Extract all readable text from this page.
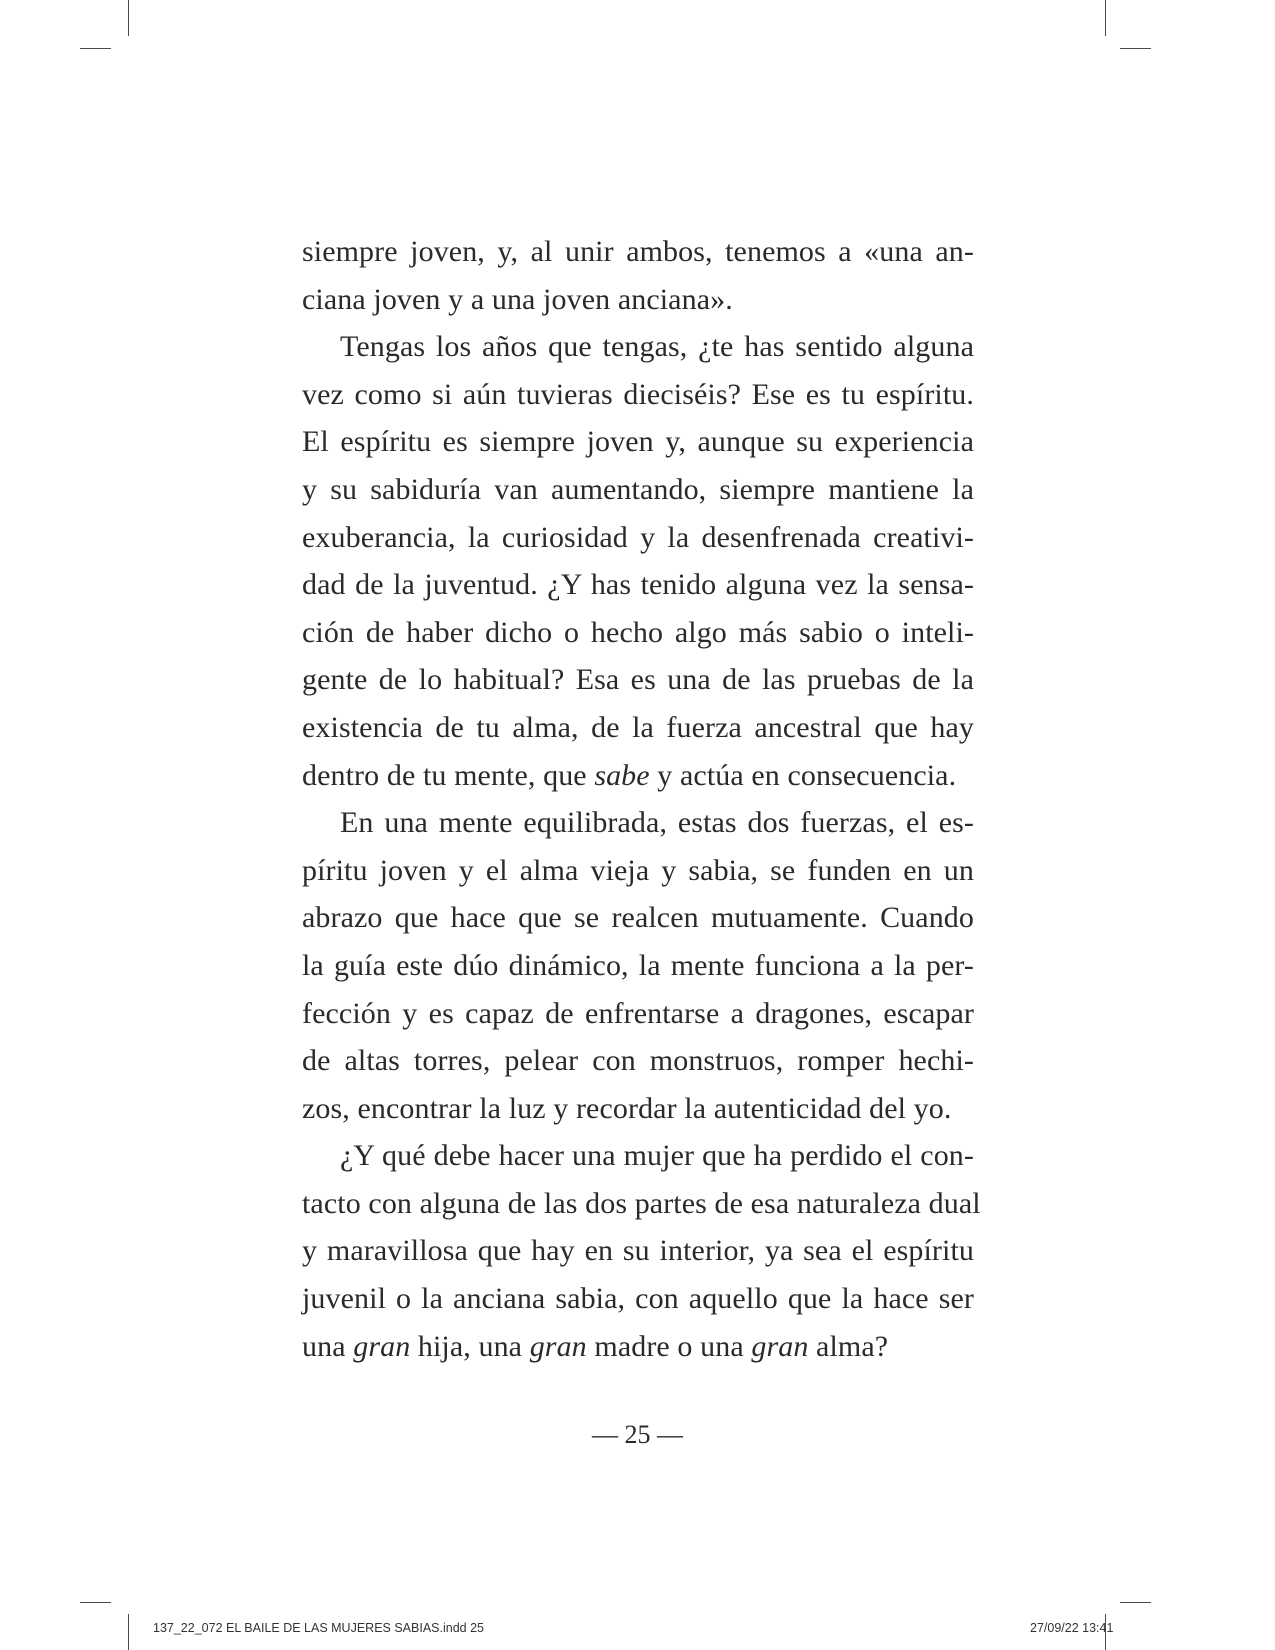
siempre joven, y, al unir ambos, tenemos a «una an-
ciana joven y a una joven anciana».
Tengas los años que tengas, ¿te has sentido alguna
vez como si aún tuvieras dieciséis? Ese es tu espíritu.
El espíritu es siempre joven y, aunque su experiencia
y su sabiduría van aumentando, siempre mantiene la
exuberancia, la curiosidad y la desenfrenada creativi-
dad de la juventud. ¿Y has tenido alguna vez la sensa-
ción de haber dicho o hecho algo más sabio o inteli-
gente de lo habitual? Esa es una de las pruebas de la
existencia de tu alma, de la fuerza ancestral que hay
dentro de tu mente, que sabe y actúa en consecuencia.
En una mente equilibrada, estas dos fuerzas, el es-
píritu joven y el alma vieja y sabia, se funden en un
abrazo que hace que se realcen mutuamente. Cuando
la guía este dúo dinámico, la mente funciona a la per-
fección y es capaz de enfrentarse a dragones, escapar
de altas torres, pelear con monstruos, romper hechi-
zos, encontrar la luz y recordar la autenticidad del yo.
¿Y qué debe hacer una mujer que ha perdido el con-
tacto con alguna de las dos partes de esa naturaleza dual
y maravillosa que hay en su interior, ya sea el espíritu
juvenil o la anciana sabia, con aquello que la hace ser
una gran hija, una gran madre o una gran alma?
— 25 —
137_22_072 EL BAILE DE LAS MUJERES SABIAS.indd 25	27/09/22 13:41
